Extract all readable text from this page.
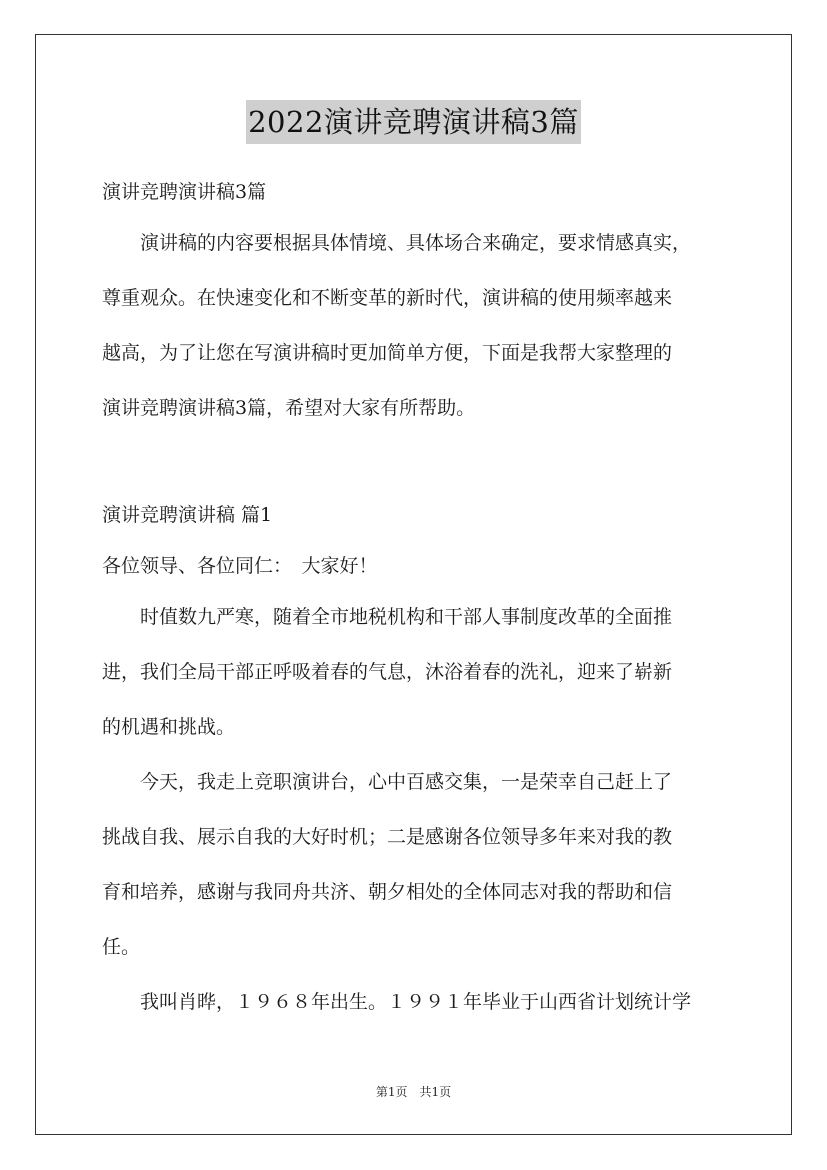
2022演讲竞聘演讲稿3篇
演讲竞聘演讲稿3篇
演讲稿的内容要根据具体情境、具体场合来确定，要求情感真实，
尊重观众。在快速变化和不断变革的新时代，演讲稿的使用频率越来
越高，为了让您在写演讲稿时更加简单方便，下面是我帮大家整理的
演讲竞聘演讲稿3篇，希望对大家有所帮助。
演讲竞聘演讲稿 篇1
各位领导、各位同仁：　大家好！
时值数九严寒，随着全市地税机构和干部人事制度改革的全面推
进，我们全局干部正呼吸着春的气息，沐浴着春的洗礼，迎来了崭新
的机遇和挑战。
今天，我走上竞职演讲台，心中百感交集，一是荣幸自己赶上了
挑战自我、展示自我的大好时机；二是感谢各位领导多年来对我的教
育和培养，感谢与我同舟共济、朝夕相处的全体同志对我的帮助和信
任。
我叫肖晔，１９６８年出生。１９９１年毕业于山西省计划统计学
第1页　共1页
